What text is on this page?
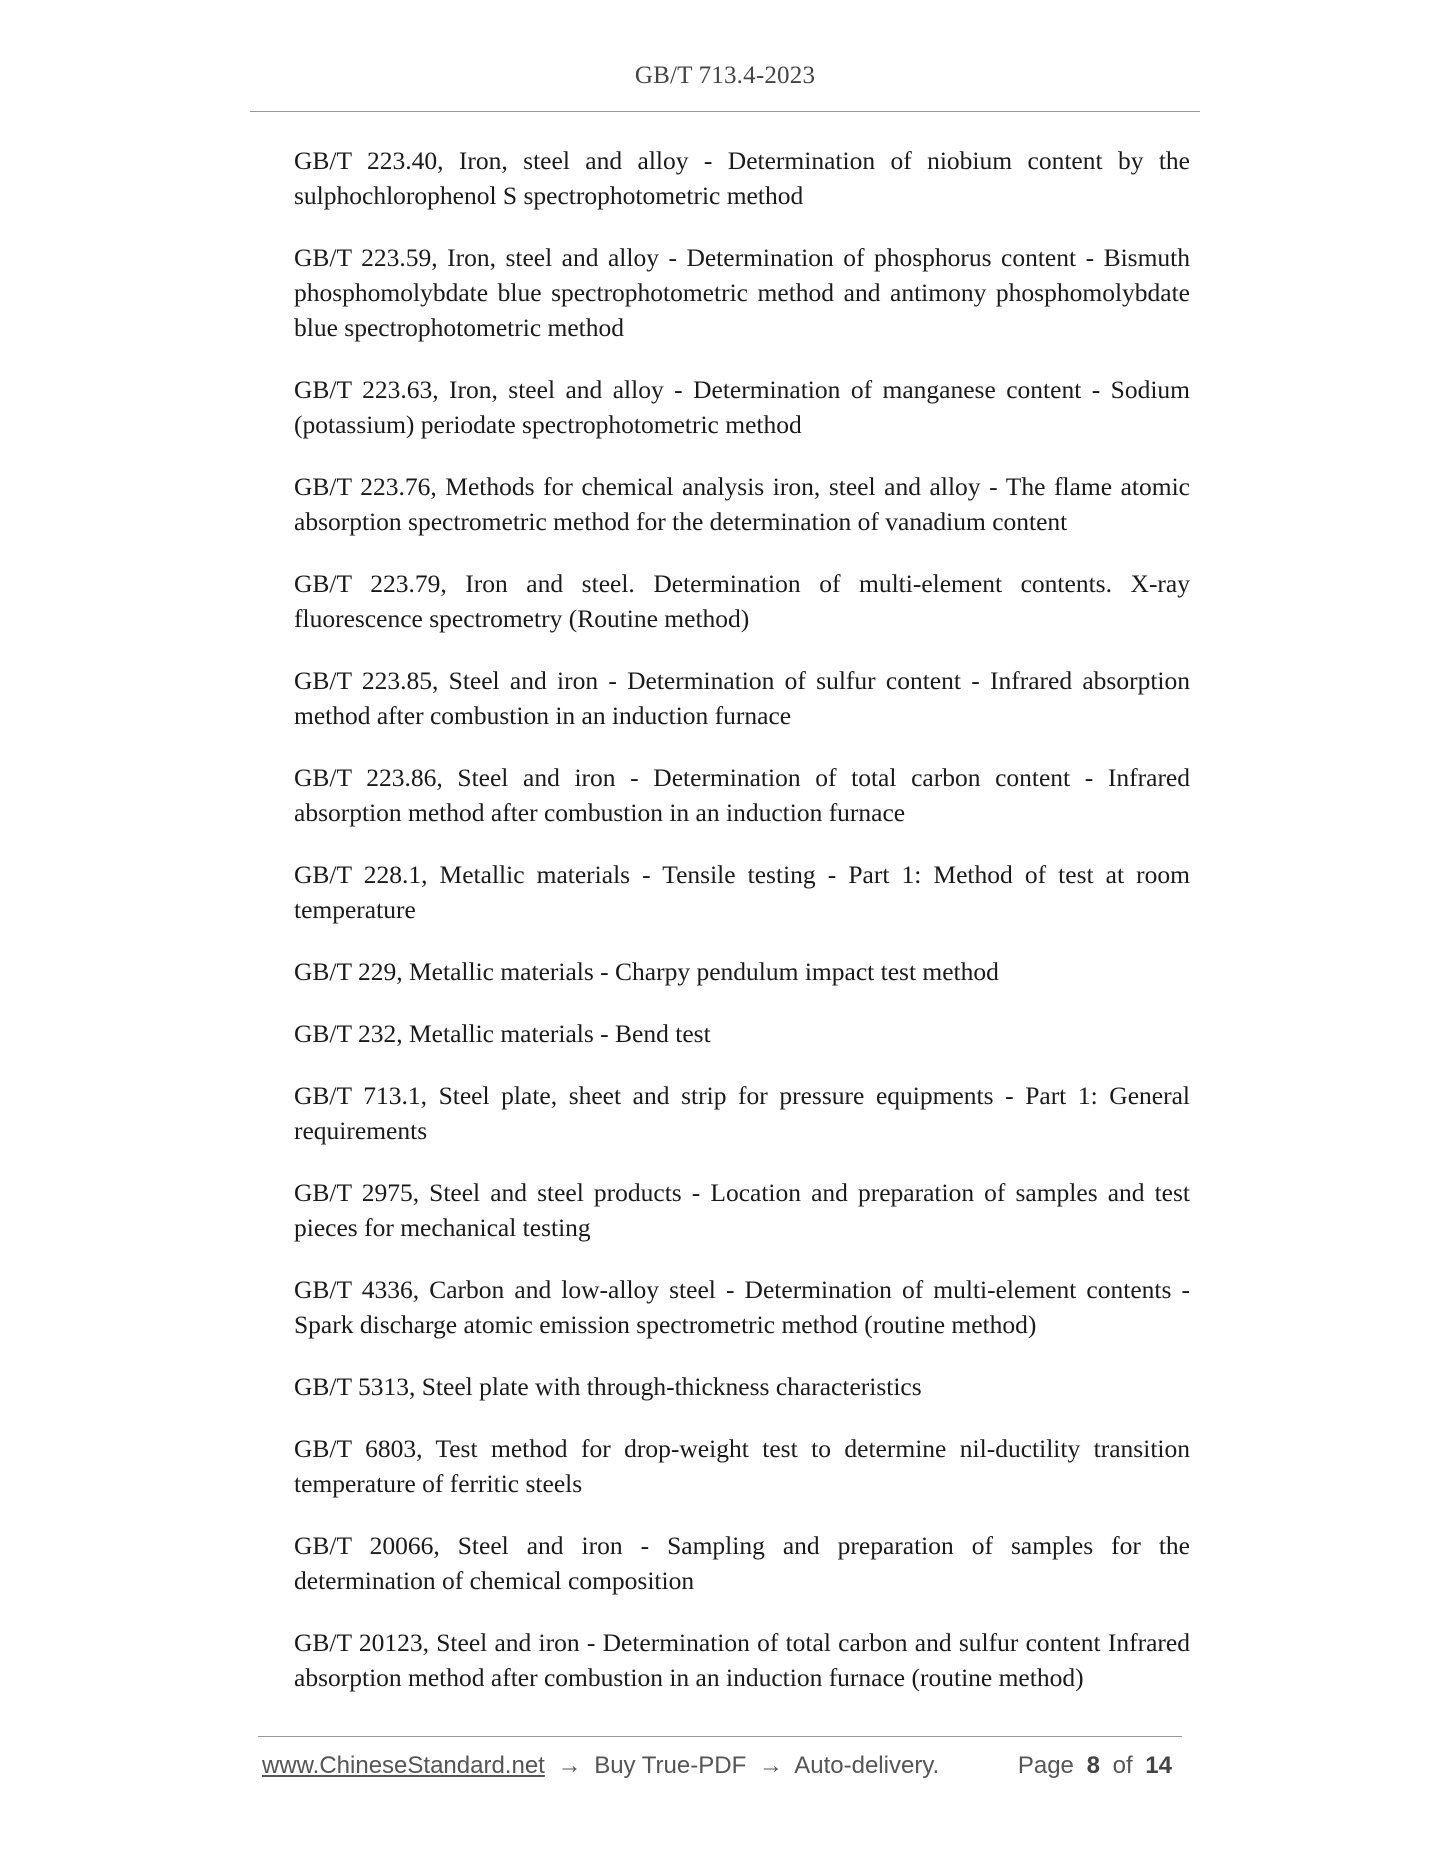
GB/T 713.4-2023

GB/T 223.40, Iron, steel and alloy - Determination of niobium content by the sulphochlorophenol S spectrophotometric method

GB/T 223.59, Iron, steel and alloy - Determination of phosphorus content - Bismuth phosphomolybdate blue spectrophotometric method and antimony phosphomolybdate blue spectrophotometric method

GB/T 223.63, Iron, steel and alloy - Determination of manganese content - Sodium (potassium) periodate spectrophotometric method

GB/T 223.76, Methods for chemical analysis iron, steel and alloy - The flame atomic absorption spectrometric method for the determination of vanadium content

GB/T 223.79, Iron and steel. Determination of multi-element contents. X-ray fluorescence spectrometry (Routine method)

GB/T 223.85, Steel and iron - Determination of sulfur content - Infrared absorption method after combustion in an induction furnace

GB/T 223.86, Steel and iron - Determination of total carbon content - Infrared absorption method after combustion in an induction furnace

GB/T 228.1, Metallic materials - Tensile testing - Part 1: Method of test at room temperature

GB/T 229, Metallic materials - Charpy pendulum impact test method

GB/T 232, Metallic materials - Bend test

GB/T 713.1, Steel plate, sheet and strip for pressure equipments - Part 1: General requirements

GB/T 2975, Steel and steel products - Location and preparation of samples and test pieces for mechanical testing

GB/T 4336, Carbon and low-alloy steel - Determination of multi-element contents - Spark discharge atomic emission spectrometric method (routine method)

GB/T 5313, Steel plate with through-thickness characteristics

GB/T 6803, Test method for drop-weight test to determine nil-ductility transition temperature of ferritic steels

GB/T 20066, Steel and iron - Sampling and preparation of samples for the determination of chemical composition

GB/T 20123, Steel and iron - Determination of total carbon and sulfur content Infrared absorption method after combustion in an induction furnace (routine method)

www.ChineseStandard.net → Buy True-PDF → Auto-delivery.	Page 8 of 14
